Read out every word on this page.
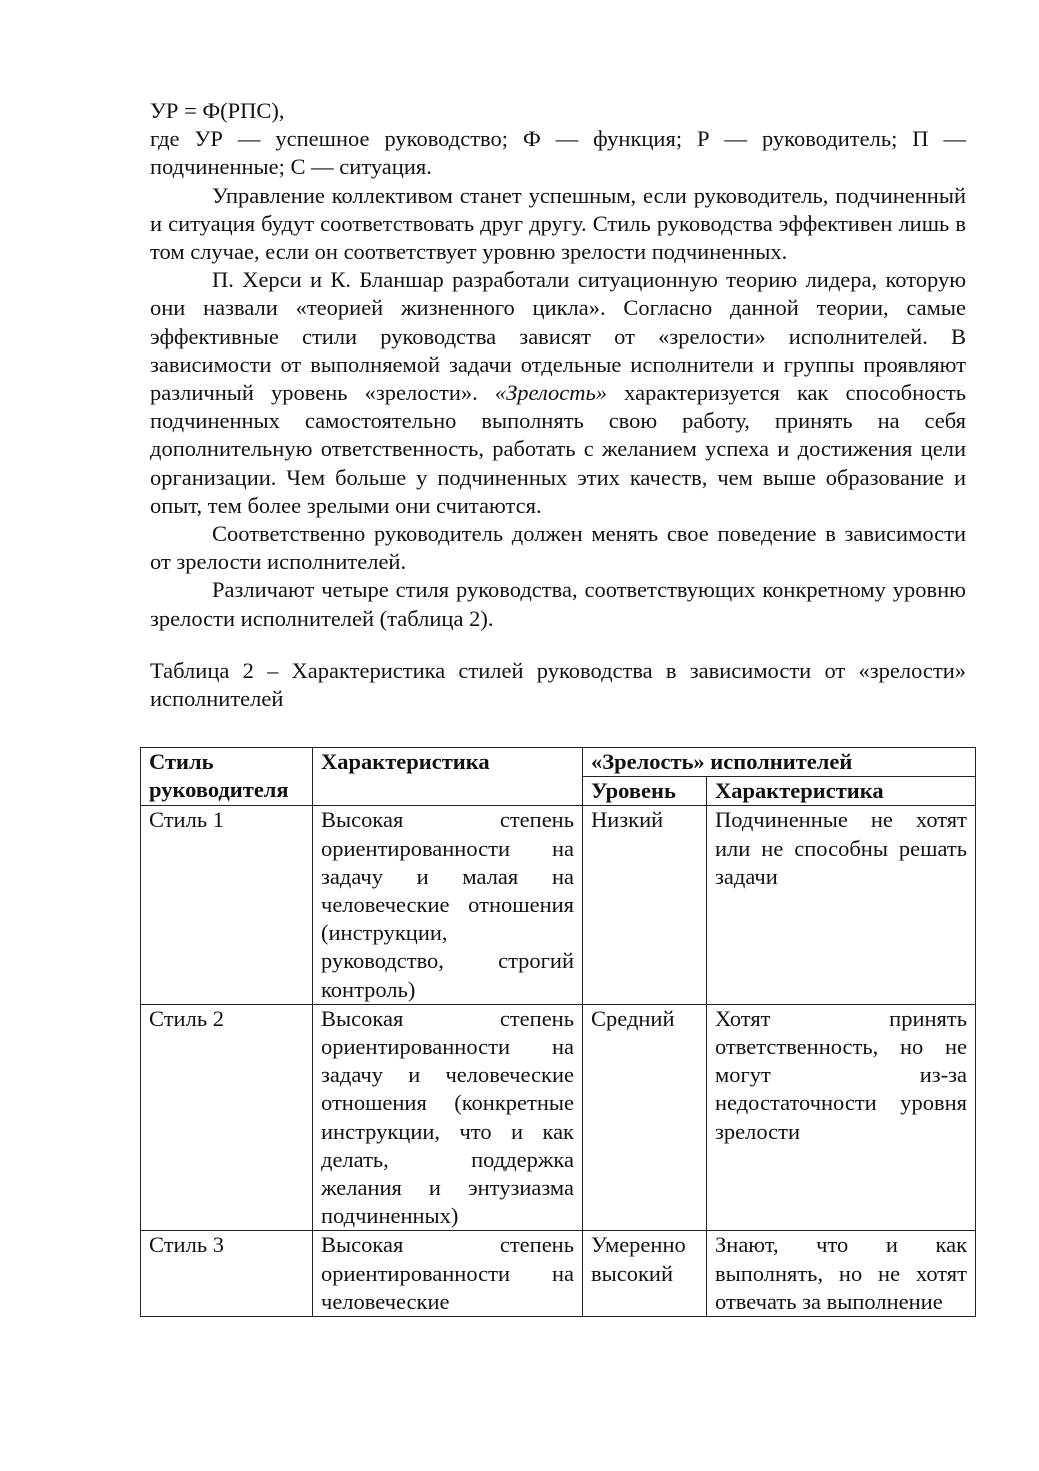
УР = Ф(РПС),

где УР — успешное руководство; Ф — функция; Р — руководитель; П — подчиненные; С — ситуация.

Управление коллективом станет успешным, если руководитель, подчиненный и ситуация будут соответствовать друг другу. Стиль руководства эффективен лишь в том случае, если он соответствует уровню зрелости подчиненных.

П. Херси и К. Бланшар разработали ситуационную теорию лидера, которую они назвали «теорией жизненного цикла». Согласно данной теории, самые эффективные стили руководства зависят от «зрелости» исполнителей. В зависимости от выполняемой задачи отдельные исполнители и группы проявляют различный уровень «зрелости». «Зрелость» характеризуется как способность подчиненных самостоятельно выполнять свою работу, принять на себя дополнительную ответственность, работать с желанием успеха и достижения цели организации. Чем больше у подчиненных этих качеств, чем выше образование и опыт, тем более зрелыми они считаются.

Соответственно руководитель должен менять свое поведение в зависимости от зрелости исполнителей.

Различают четыре стиля руководства, соответствующих конкретному уровню зрелости исполнителей (таблица 2).

Таблица 2 – Характеристика стилей руководства в зависимости от «зрелости» исполнителей

Стиль руководителя	Характеристика	«Зрелость» исполнителей	
		Уровень	Характеристика
Стиль 1	Высокая степень ориентированности на задачу и малая на человеческие отношения (инструкции, руководство, строгий контроль)	Низкий	Подчиненные не хотят или не способны решать задачи
Стиль 2	Высокая степень ориентированности на задачу и человеческие отношения (конкретные инструкции, что и как делать, поддержка желания и энтузиазма подчиненных)	Средний	Хотят принять ответственность, но не могут из-за недостаточности уровня зрелости
Стиль 3	Высокая степень ориентированности на человеческие	Умеренно высокий	Знают, что и как выполнять, но не хотят отвечать за выполнение
